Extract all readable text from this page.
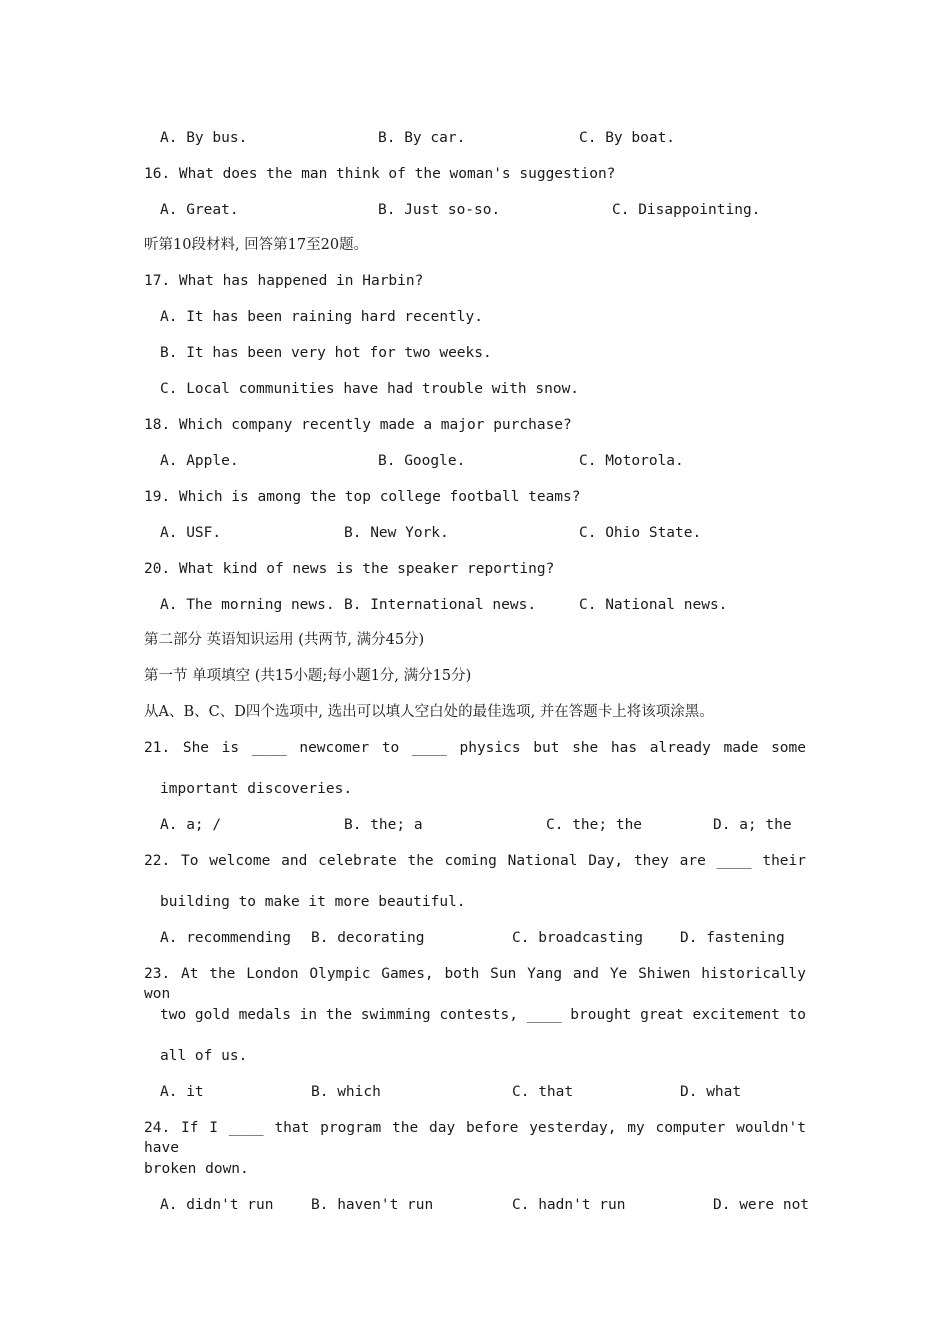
A. By bus.	B. By car.	C. By boat.
16. What does the man think of the woman's suggestion?
A. Great.	B. Just so-so.	C. Disappointing.
听第10段材料, 回答第17至20题。
17. What has happened in Harbin?
A. It has been raining hard recently.
B. It has been very hot for two weeks.
C. Local communities have had trouble with snow.
18. Which company recently made a major purchase?
A. Apple.	B. Google.	C. Motorola.
19. Which is among the top college football teams?
A. USF.	B. New York.	C. Ohio State.
20. What kind of news is the speaker reporting?
A. The morning news. B. International news.	C. National news.
第二部分 英语知识运用 (共两节, 满分45分)
第一节 单项填空 (共15小题;每小题1分, 满分15分)
从A、B、C、D四个选项中, 选出可以填人空白处的最佳选项, 并在答题卡上将该项涂黑。
21. She is ____ newcomer to ____ physics but she has already made some
important discoveries.
A. a; /	B. the; a	C. the; the	D. a; the
22. To welcome and celebrate the coming National Day, they are ____ their
building to make it more beautiful.
A. recommending B. decorating	C. broadcasting	D. fastening
23. At the London Olympic Games, both Sun Yang and Ye Shiwen historically won
two gold medals in the swimming contests, ____ brought great excitement to
all of us.
A. it	B. which	C. that	D. what
24. If I ____ that program the day before yesterday, my computer wouldn't have
broken down.
A. didn't run	B. haven't run	C. hadn't run	D. were not
